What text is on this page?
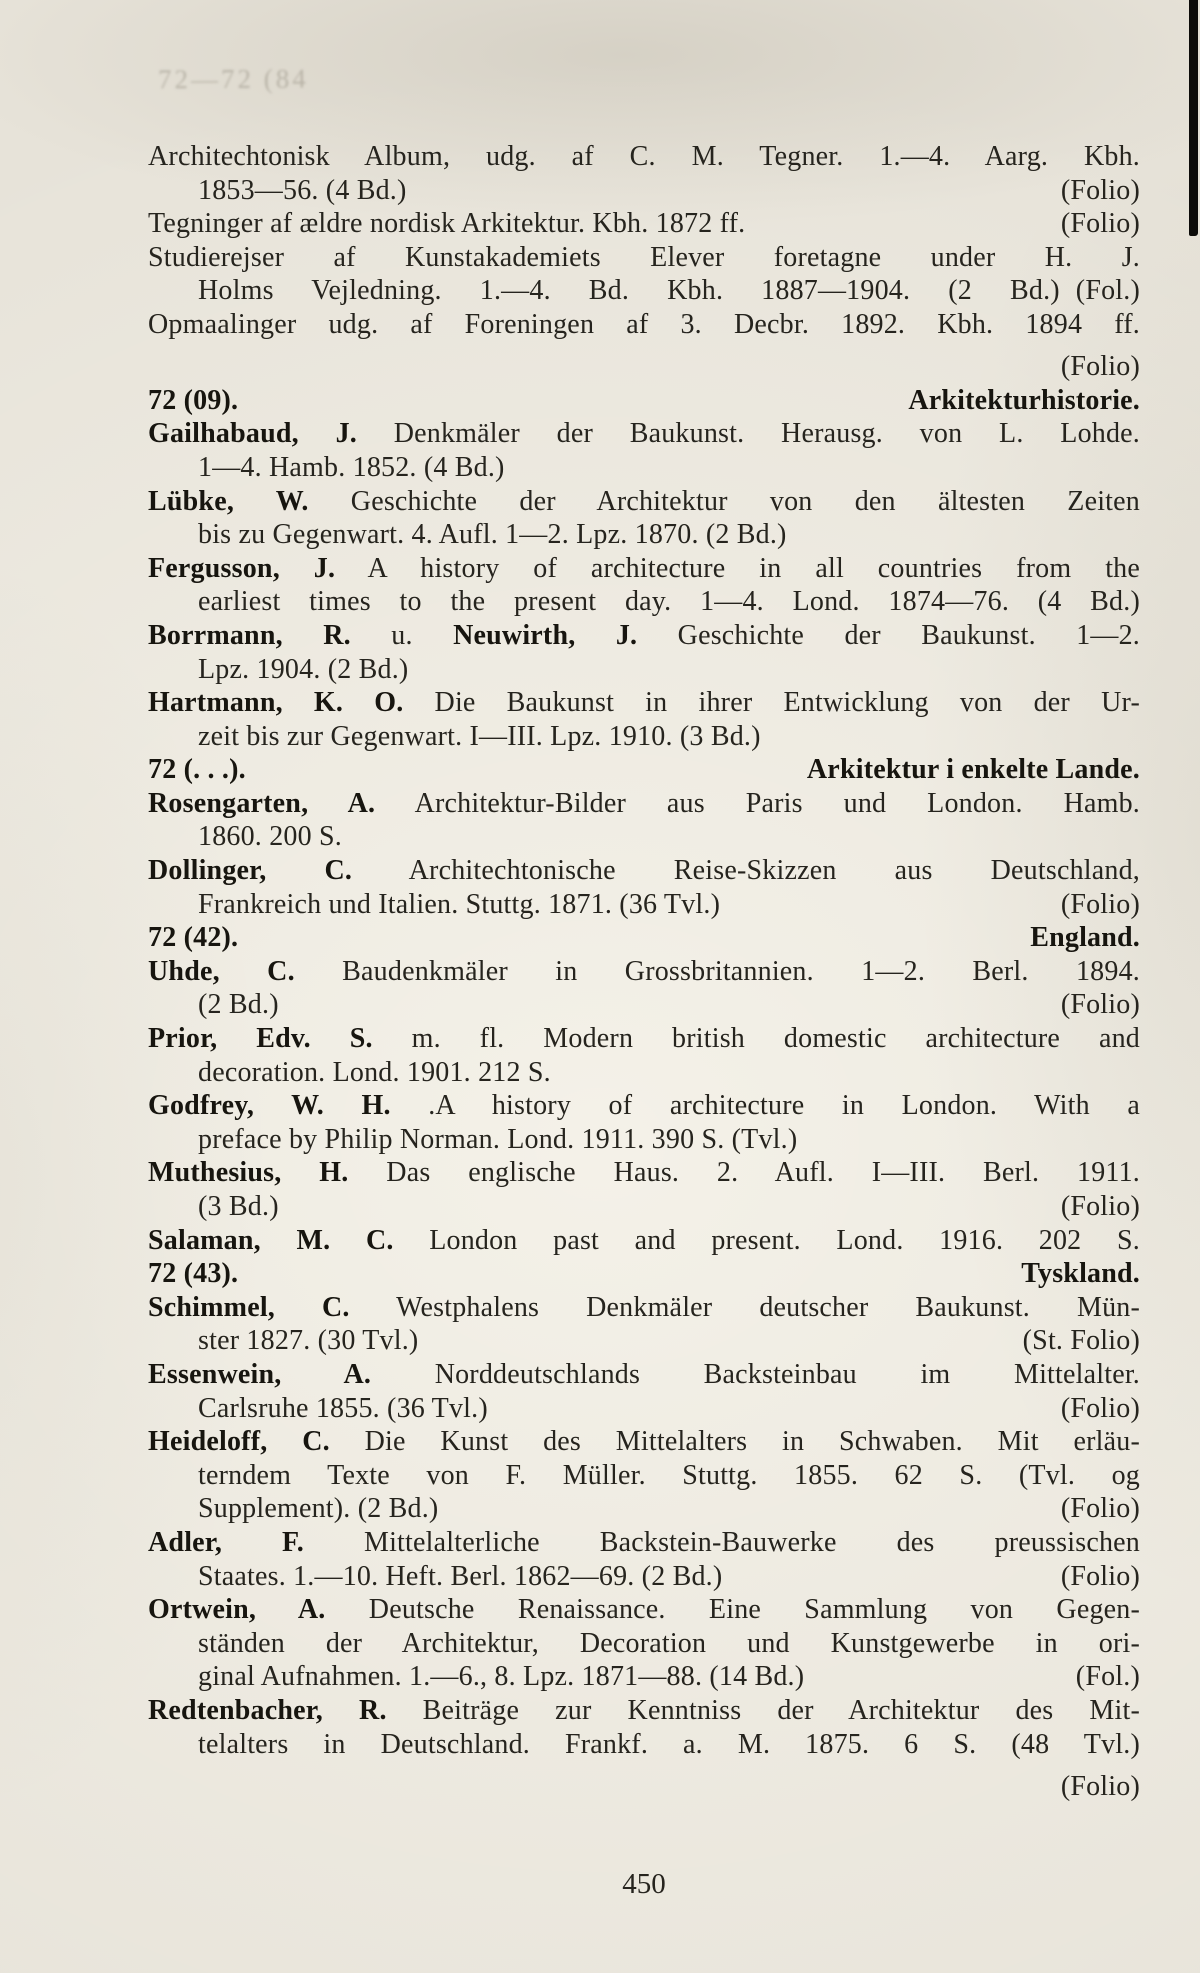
72—72 (84
Architechtonisk Album, udg. af C. M. Tegner. 1.—4. Aarg. Kbh.
1853—56. (4 Bd.)	(Folio)
Tegninger af ældre nordisk Arkitektur. Kbh. 1872 ff.	(Folio)
Studierejser af Kunstakademiets Elever foretagne under H. J.
Holms Vejledning. 1.—4. Bd. Kbh. 1887—1904. (2 Bd.) (Fol.)
Opmaalinger udg. af Foreningen af 3. Decbr. 1892. Kbh. 1894 ff.
(Folio)
72 (09).	Arkitekturhistorie.
Gailhabaud, J. Denkmäler der Baukunst. Herausg. von L. Lohde.
1—4. Hamb. 1852. (4 Bd.)
Lübke, W. Geschichte der Architektur von den ältesten Zeiten
bis zu Gegenwart. 4. Aufl. 1—2. Lpz. 1870. (2 Bd.)
Fergusson, J. A history of architecture in all countries from the
earliest times to the present day. 1—4. Lond. 1874—76. (4 Bd.)
Borrmann, R. u. Neuwirth, J. Geschichte der Baukunst. 1—2.
Lpz. 1904. (2 Bd.)
Hartmann, K. O. Die Baukunst in ihrer Entwicklung von der Ur-
zeit bis zur Gegenwart. I—III. Lpz. 1910. (3 Bd.)
72 (. . .).	Arkitektur i enkelte Lande.
Rosengarten, A. Architektur-Bilder aus Paris und London. Hamb.
1860. 200 S.
Dollinger, C. Architechtonische Reise-Skizzen aus Deutschland,
Frankreich und Italien. Stuttg. 1871. (36 Tvl.)	(Folio)
72 (42).	England.
Uhde, C. Baudenkmäler in Grossbritannien. 1—2. Berl. 1894.
(2 Bd.)	(Folio)
Prior, Edv. S. m. fl. Modern british domestic architecture and
decoration. Lond. 1901. 212 S.
Godfrey, W. H. .A history of architecture in London. With a
preface by Philip Norman. Lond. 1911. 390 S. (Tvl.)
Muthesius, H. Das englische Haus. 2. Aufl. I—III. Berl. 1911.
(3 Bd.)	(Folio)
Salaman, M. C. London past and present. Lond. 1916. 202 S.
72 (43).	Tyskland.
Schimmel, C. Westphalens Denkmäler deutscher Baukunst. Mün-
ster 1827. (30 Tvl.)	(St. Folio)
Essenwein, A. Norddeutschlands Backsteinbau im Mittelalter.
Carlsruhe 1855. (36 Tvl.)	(Folio)
Heideloff, C. Die Kunst des Mittelalters in Schwaben. Mit erläu-
terndem Texte von F. Müller. Stuttg. 1855. 62 S. (Tvl. og
Supplement). (2 Bd.)	(Folio)
Adler, F. Mittelalterliche Backstein-Bauwerke des preussischen
Staates. 1.—10. Heft. Berl. 1862—69. (2 Bd.)	(Folio)
Ortwein, A. Deutsche Renaissance. Eine Sammlung von Gegen-
ständen der Architektur, Decoration und Kunstgewerbe in ori-
ginal Aufnahmen. 1.—6., 8. Lpz. 1871—88. (14 Bd.)	(Fol.)
Redtenbacher, R. Beiträge zur Kenntniss der Architektur des Mit-
telalters in Deutschland. Frankf. a. M. 1875. 6 S. (48 Tvl.)
(Folio)
450
